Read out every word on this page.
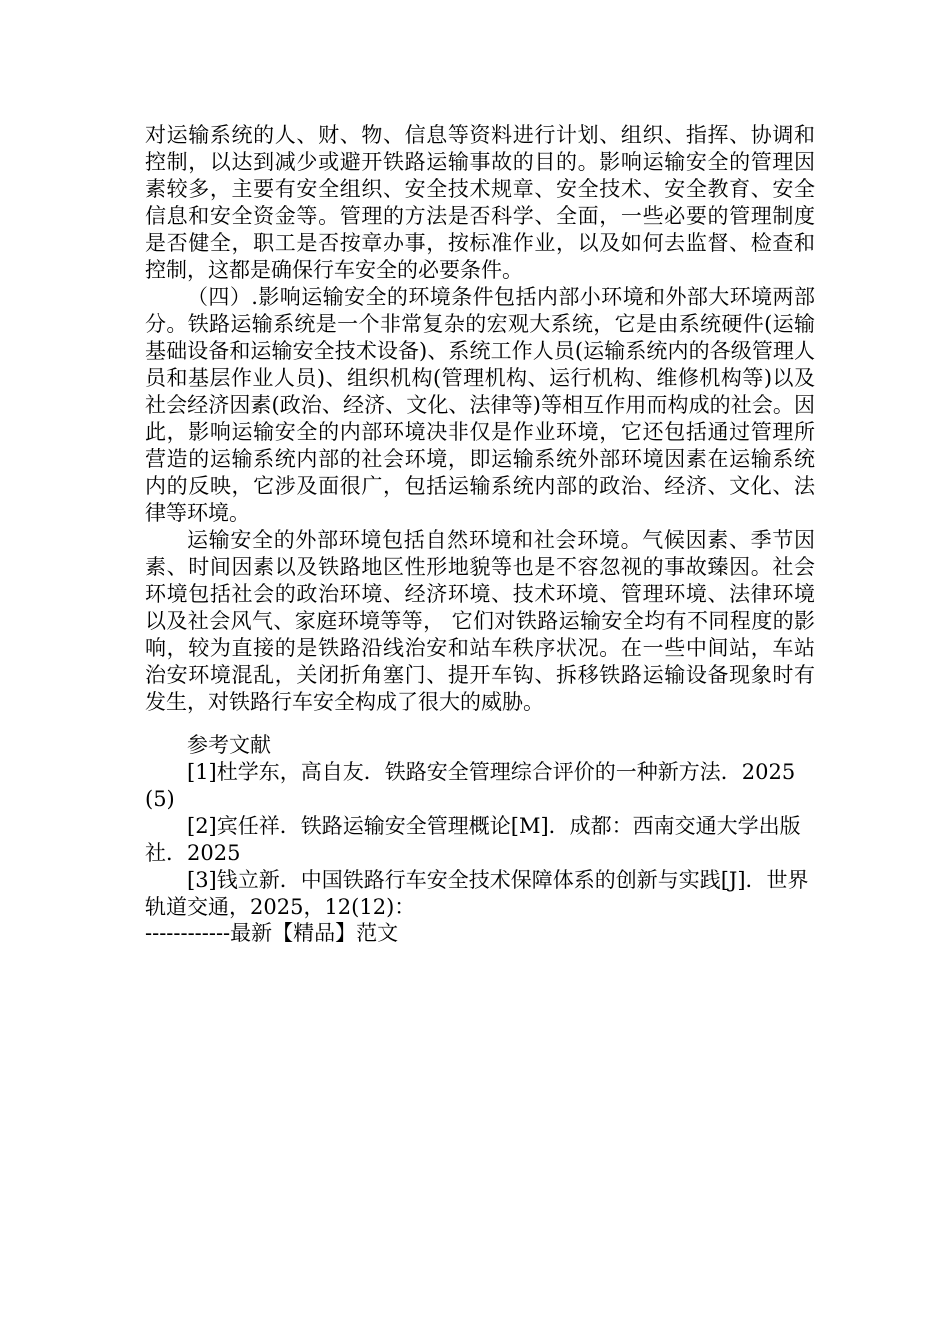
对运输系统的人、财、物、信息等资料进行计划、组织、指挥、协调和控制，以达到减少或避开铁路运输事故的目的。影响运输安全的管理因素较多，主要有安全组织、安全技术规章、安全技术、安全教育、安全信息和安全资金等。管理的方法是否科学、全面，一些必要的管理制度是否健全，职工是否按章办事，按标准作业，以及如何去监督、检查和控制，这都是确保行车安全的必要条件。

（四）.影响运输安全的环境条件包括内部小环境和外部大环境两部分。铁路运输系统是一个非常复杂的宏观大系统，它是由系统硬件(运输基础设备和运输安全技术设备)、系统工作人员(运输系统内的各级管理人员和基层作业人员)、组织机构(管理机构、运行机构、维修机构等)以及社会经济因素(政治、经济、文化、法律等)等相互作用而构成的社会。因此，影响运输安全的内部环境决非仅是作业环境，它还包括通过管理所营造的运输系统内部的社会环境，即运输系统外部环境因素在运输系统内的反映，它涉及面很广，包括运输系统内部的政治、经济、文化、法律等环境。

运输安全的外部环境包括自然环境和社会环境。气候因素、季节因素、时间因素以及铁路地区性形地貌等也是不容忽视的事故臻因。社会环境包括社会的政治环境、经济环境、技术环境、管理环境、法律环境以及社会风气、家庭环境等等， 它们对铁路运输安全均有不同程度的影响，较为直接的是铁路沿线治安和站车秩序状况。在一些中间站，车站治安环境混乱，关闭折角塞门、提开车钩、拆移铁路运输设备现象时有发生，对铁路行车安全构成了很大的威胁。

参考文献

[1]杜学东，高自友．铁路安全管理综合评价的一种新方法．2025(5)

[2]宾任祥．铁路运输安全管理概论[M]．成都：西南交通大学出版社．2025

[3]钱立新．中国铁路行车安全技术保障体系的创新与实践[J]．世界轨道交通，2025，12(12)：

------------最新【精品】范文
